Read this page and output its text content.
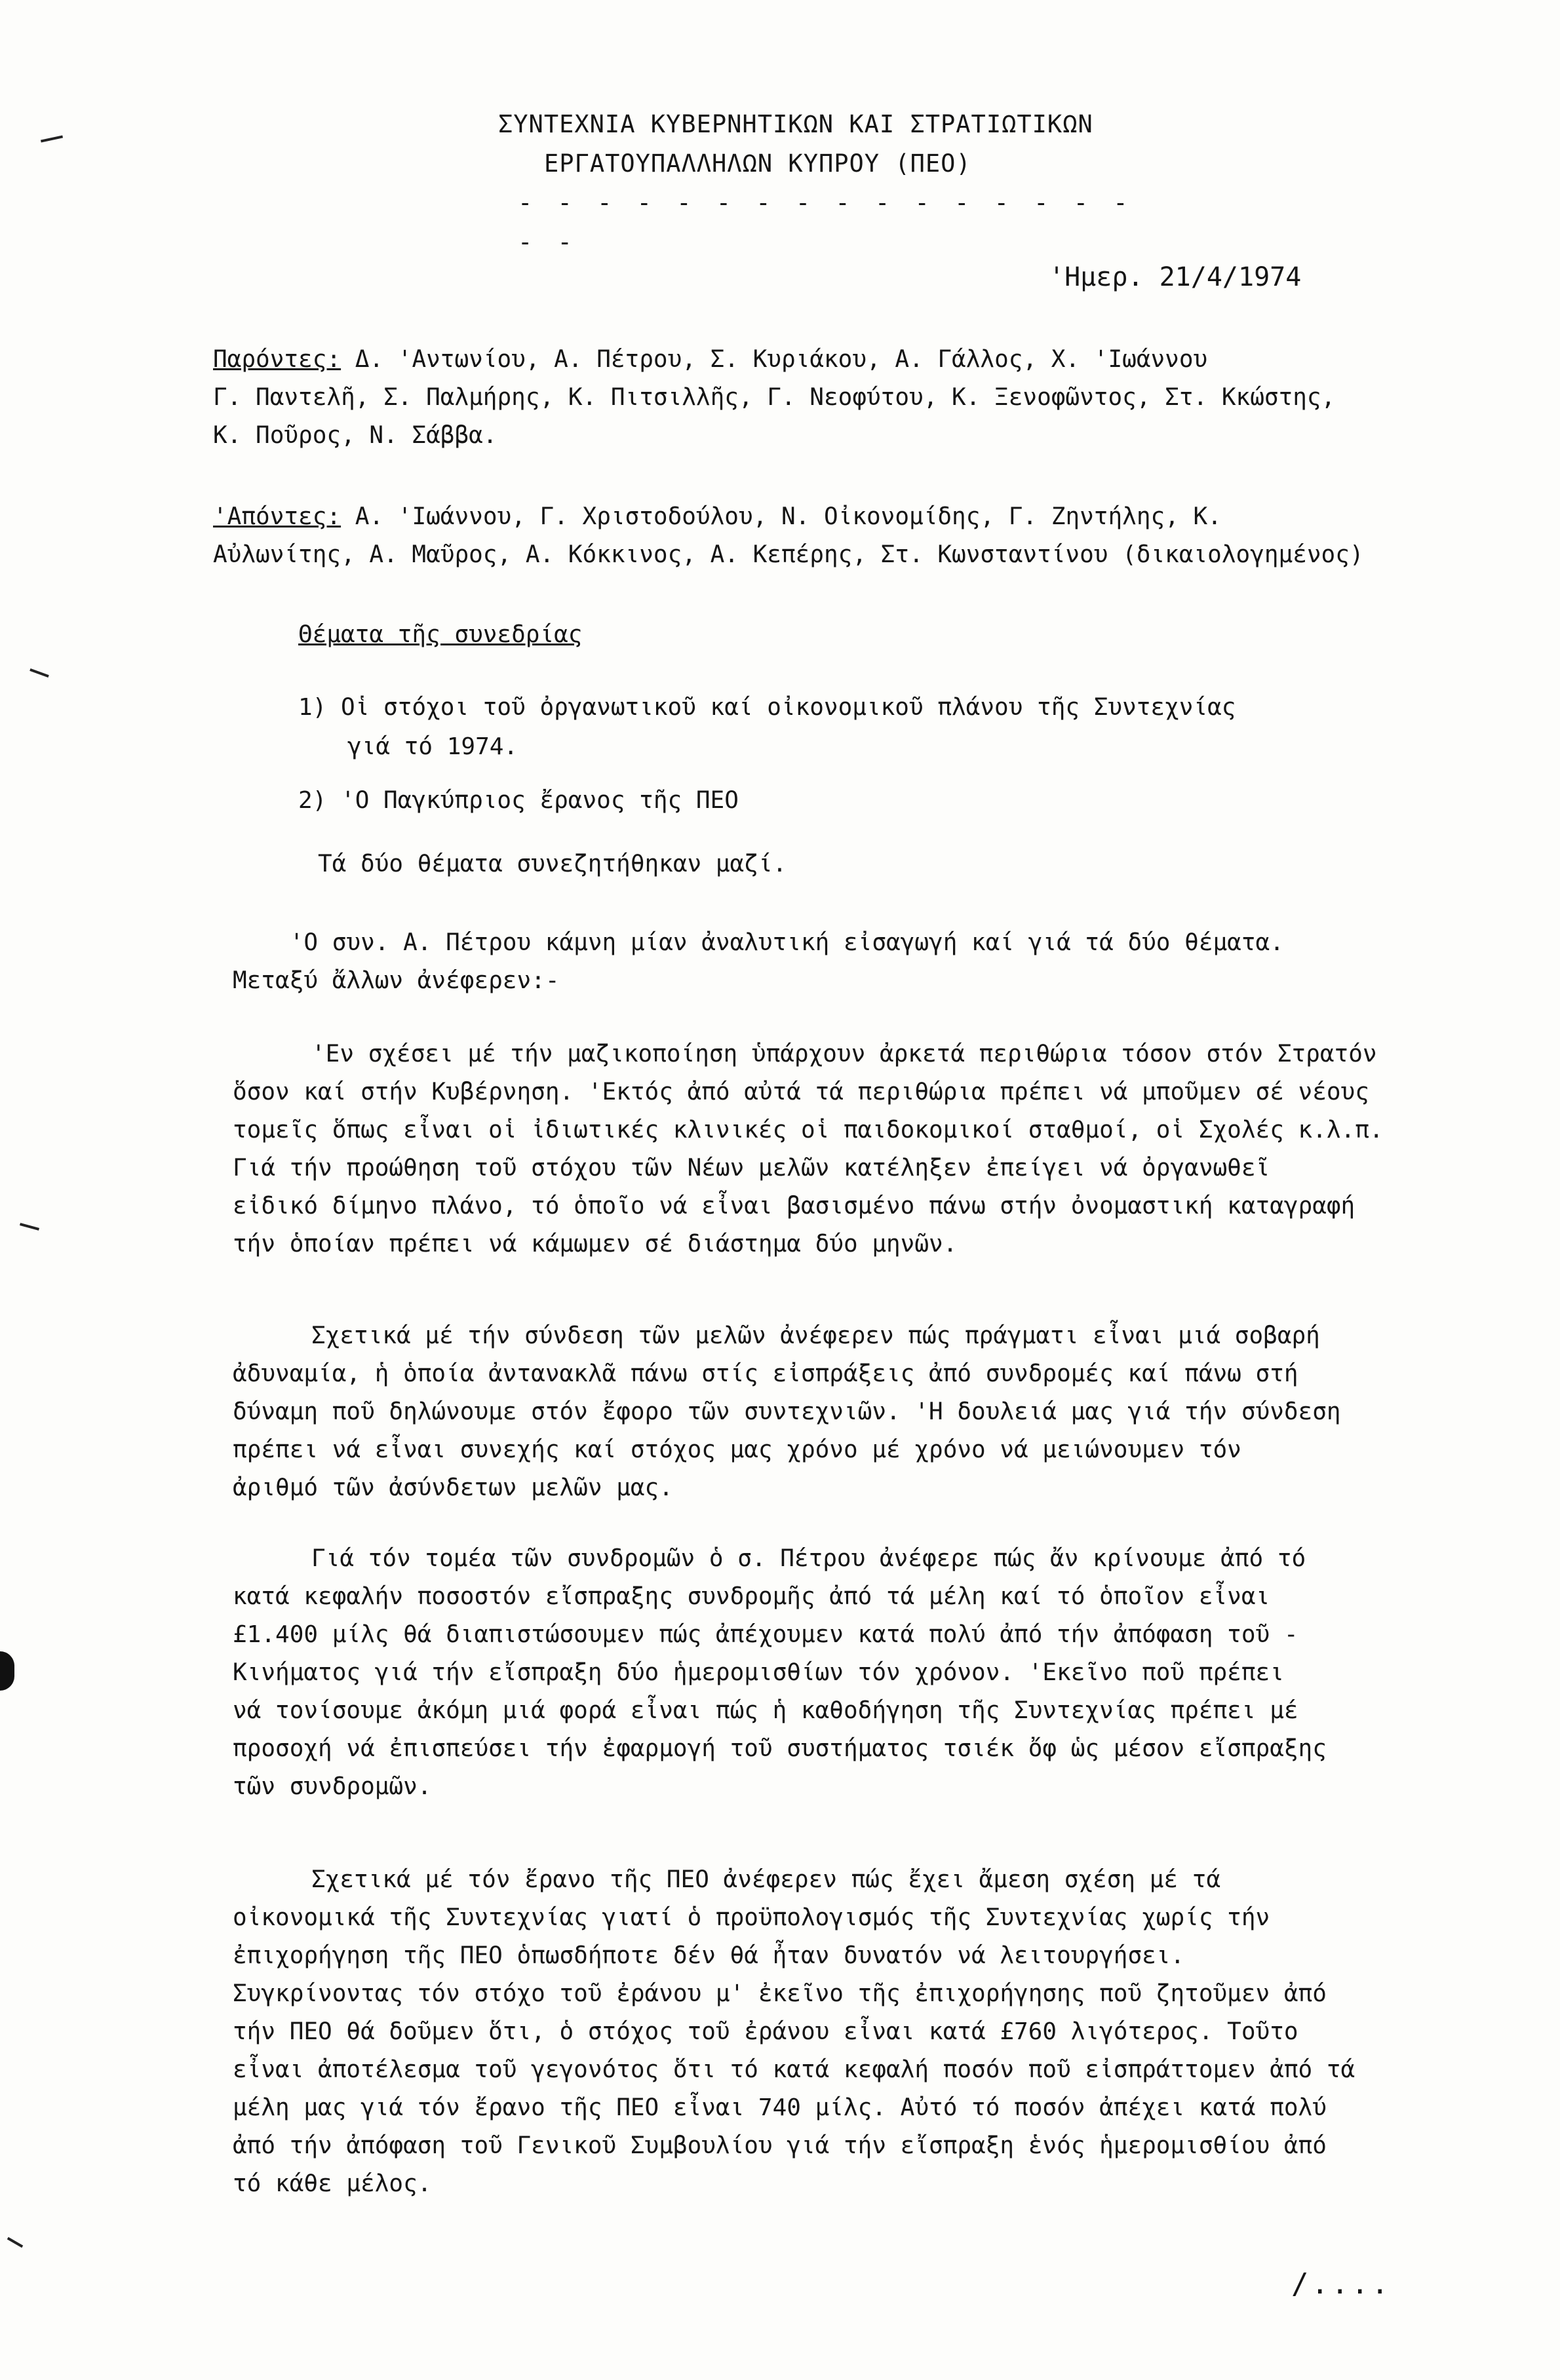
ΣΥΝΤΕΧΝΙΑ ΚΥΒΕΡΝΗΤΙΚΩΝ ΚΑΙ ΣΤΡΑΤΙΩΤΙΚΩΝ
ΕΡΓΑΤΟΥΠΑΛΛΗΛΩΝ ΚΥΠΡΟΥ (ΠΕΟ)
- - - - - - - - - - - - - - - - - -
'Ημερ. 21/4/1974
Παρόντες: Δ. 'Αντωνίου, Α. Πέτρου, Σ. Κυριάκου, Α. Γάλλος, Χ. 'Ιωάννου
Γ. Παντελῆ, Σ. Παλμήρης, Κ. Πιτσιλλῆς, Γ. Νεοφύτου, Κ. Ξενοφῶντος, Στ. Κκώστης,
Κ. Ποῦρος, Ν. Σάββα.
'Απόντες: Α. 'Ιωάννου, Γ. Χριστοδούλου, Ν. Οἰκονομίδης, Γ. Ζηντήλης, Κ.
Αὐλωνίτης, Α. Μαῦρος, Α. Κόκκινος, Α. Κεπέρης, Στ. Κωνσταντίνου (δικαιολογημένος)
Θέματα τῆς συνεδρίας
1) Οἱ στόχοι τοῦ ὀργανωτικοῦ καί οἰκονομικοῦ πλάνου τῆς Συντεχνίας
γιά τό 1974.
2) 'Ο Παγκύπριος ἔρανος τῆς ΠΕΟ
Τά δύο θέματα συνεζητήθηκαν μαζί.
'Ο συν. Α. Πέτρου κάμνη μίαν ἀναλυτική εἰσαγωγή καί γιά τά δύο θέματα.
Μεταξύ ἄλλων ἀνέφερεν:-
'Εν σχέσει μέ τήν μαζικοποίηση ὑπάρχουν ἀρκετά περιθώρια τόσον στόν Στρατόν
ὅσον καί στήν Κυβέρνηση. 'Εκτός ἀπό αὐτά τά περιθώρια πρέπει νά μποῦμεν σέ νέους
τομεῖς ὅπως εἶναι οἱ ἰδιωτικές κλινικές οἱ παιδοκομικοί σταθμοί, οἱ Σχολές κ.λ.π.
Γιά τήν προώθηση τοῦ στόχου τῶν Νέων μελῶν κατέληξεν ἐπείγει νά ὀργανωθεῖ
εἰδικό δίμηνο πλάνο, τό ὁποῖο νά εἶναι βασισμένο πάνω στήν ὀνομαστική καταγραφή
τήν ὁποίαν πρέπει νά κάμωμεν σέ διάστημα δύο μηνῶν.
Σχετικά μέ τήν σύνδεση τῶν μελῶν ἀνέφερεν πώς πράγματι εἶναι μιά σοβαρή
ἀδυναμία, ἡ ὁποία ἀντανακλᾶ πάνω στίς εἰσπράξεις ἀπό συνδρομές καί πάνω στή
δύναμη ποῦ δηλώνουμε στόν ἔφορο τῶν συντεχνιῶν. 'Η δουλειά μας γιά τήν σύνδεση
πρέπει νά εἶναι συνεχής καί στόχος μας χρόνο μέ χρόνο νά μειώνουμεν τόν
ἀριθμό τῶν ἀσύνδετων μελῶν μας.
Γιά τόν τομέα τῶν συνδρομῶν ὁ σ. Πέτρου ἀνέφερε πώς ἄν κρίνουμε ἀπό τό
κατά κεφαλήν ποσοστόν εἴσπραξης συνδρομῆς ἀπό τά μέλη καί τό ὁποῖον εἶναι
£1.400 μίλς θά διαπιστώσουμεν πώς ἀπέχουμεν κατά πολύ ἀπό τήν ἀπόφαση τοῦ -
Κινήματος γιά τήν εἴσπραξη δύο ἡμερομισθίων τόν χρόνον. 'Εκεῖνο ποῦ πρέπει
νά τονίσουμε ἀκόμη μιά φορά εἶναι πώς ἡ καθοδήγηση τῆς Συντεχνίας πρέπει μέ
προσοχή νά ἐπισπεύσει τήν ἐφαρμογή τοῦ συστήματος τσιέκ ὄφ ὡς μέσον εἴσπραξης
τῶν συνδρομῶν.
Σχετικά μέ τόν ἔρανο τῆς ΠΕΟ ἀνέφερεν πώς ἔχει ἄμεση σχέση μέ τά
οἰκονομικά τῆς Συντεχνίας γιατί ὁ προϋπολογισμός τῆς Συντεχνίας χωρίς τήν
ἐπιχορήγηση τῆς ΠΕΟ ὁπωσδήποτε δέν θά ἦταν δυνατόν νά λειτουργήσει.
Συγκρίνοντας τόν στόχο τοῦ ἐράνου μ' ἐκεῖνο τῆς ἐπιχορήγησης ποῦ ζητοῦμεν ἀπό
τήν ΠΕΟ θά δοῦμεν ὅτι, ὁ στόχος τοῦ ἐράνου εἶναι κατά £760 λιγότερος. Τοῦτο
εἶναι ἀποτέλεσμα τοῦ γεγονότος ὅτι τό κατά κεφαλή ποσόν ποῦ εἰσπράττομεν ἀπό τά
μέλη μας γιά τόν ἔρανο τῆς ΠΕΟ εἶναι 740 μίλς. Αὐτό τό ποσόν ἀπέχει κατά πολύ
ἀπό τήν ἀπόφαση τοῦ Γενικοῦ Συμβουλίου γιά τήν εἴσπραξη ἑνός ἡμερομισθίου ἀπό
τό κάθε μέλος.
/....
